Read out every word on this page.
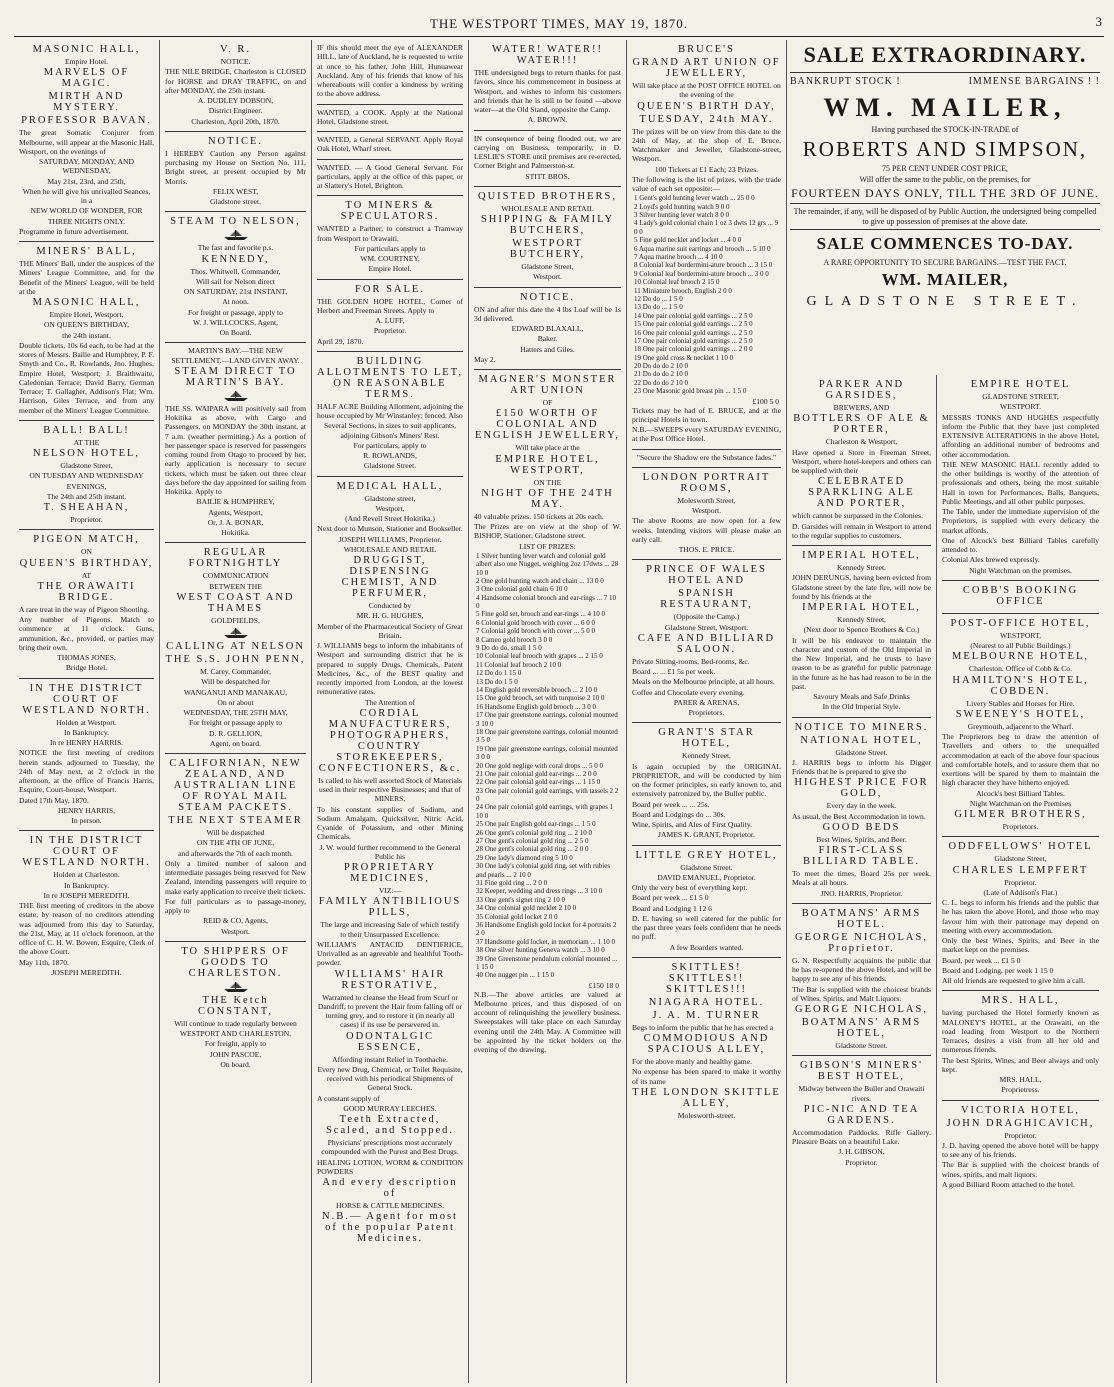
THE WESTPORT TIMES, MAY 19, 1870.	3
MASONIC HALL,

Empire Hotel.

MARVELS OF MAGIC.
MIRTH AND MYSTERY.
PROFESSOR BAVAN.

The great Somatic Conjurer from Melbourne, will appear at the Masonic Hall, Westport, on the evenings of

SATURDAY, MONDAY, AND WEDNESDAY,

May 21st, 23rd, and 25th,

When he will give his unrivalled Seances, in a

NEW WORLD OF WONDER, FOR

THREE NIGHTS ONLY.

Programme in future advertisement.

MINERS' BALL,

THE Miners' Ball, under the auspices of the Miners' League Committee, and for the Benefit of the Miners' League, will be held at the

MASONIC HALL,

Empire Hotel, Westport,

ON QUEEN'S BIRTHDAY,

the 24th instant.

Double tickets, 10s 6d each, to be had at the stores of Messrs. Bailie and Humphrey, P. F. Smyth and Co., R. Rowlands, Jno. Hughes, Empire Hotel, Westport; J. Braithwaite, Caledonian Terrace; David Barry, German Terrace; T. Gallagher, Addison's Flat; Wm. Harrison, Giles Terrace, and from any member of the Miners' League Committee.

BALL! BALL!

AT THE

NELSON HOTEL,

Gladstone Street,

ON TUESDAY AND WEDNESDAY

EVENINGS,

The 24th and 25th instant.

T. SHEAHAN,

Proprietor.

PIGEON MATCH,

ON

QUEEN'S BIRTHDAY,

AT

THE ORAWAITI BRIDGE.

A rare treat in the way of Pigeon Shooting.

Any number of Pigeons. Match to commence at 11 o'clock. Guns, ammunition, &c., provided, or parties may bring their own.

THOMAS JONES,

Bridge Hotel.

IN THE DISTRICT COURT OF WESTLAND NORTH.

Holden at Westport.

In Bankruptcy.

In re HENRY HARRIS.

NOTICE the first meeting of creditors herein stands adjourned to Tuesday, the 24th of May next, at 2 o'clock in the afternoon, at the office of Francis Harris, Esquire, Court-house, Westport.

Dated 17th May, 1870.

HENRY HARRIS,

In person.

IN THE DISTRICT COURT OF WESTLAND NORTH.

Holden at Charleston.

In Bankruptcy.

In re JOSEPH MEREDITH.

THE first meeting of creditors in the above estate, by reason of no creditors attending was adjourned from this day to Saturday, the 21st, May, at 11 o'clock forenoon, at the office of C. H. W. Bowen, Esquire, Clerk of the above Court.

May 11th, 1870.

JOSEPH MEREDITH.

V. R.

NOTICE.

THE NILE BRIDGE, Charleston is CLOSED for HORSE and DRAY TRAFFIC, on and after MONDAY, the 25th instant.

A. DUDLEY DOBSON,

District Engineer.

Charleston, April 20th, 1870.

NOTICE.

I HEREBY Caution any Person against purchasing my House on Section No. 111, Bright street, at present occupied by Mr Morris.

FELIX WEST,

Gladstone street.

STEAM TO NELSON,

The fast and favorite p.s.

KENNEDY,

Thos. Whitwell, Commander,

Will sail for Nelson direct

ON SATURDAY, 21st INSTANT,

At noon.

For freight or passage, apply to

W. J. WILLCOCKS, Agent,

On Board.

MARTIN'S BAY.—THE NEW SETTLEMENT.—LAND GIVEN AWAY.

STEAM DIRECT TO MARTIN'S BAY.

THE SS. WAIPARA will positively sail from Hokitika as above, with Cargo and Passengers, on MONDAY the 30th instant, at 7 a.m. (weather permitting.) As a portion of her passenger space is reserved for passengers coming round from Otago to proceed by her, early application is necessary to secure tickets, which must be taken out three clear days before the day appointed for sailing from Hokitika. Apply to

BAILIE & HUMPHREY,

Agents, Westport,

Or, J. A. BONAR,

Hokitika.

REGULAR FORTNIGHTLY

COMMUNICATION

BETWEEN THE

WEST COAST AND THAMES

GOLDFIELDS,

CALLING AT NELSON
THE S.S. JOHN PENN,

M. Carey, Commander,

Will be despatched for

WANGANUI AND MANAKAU,

On or about

WEDNESDAY, THE 25TH MAY,

For freight or passage apply to

D. R. GELLION,

Agent, on board.

CALIFORNIAN, NEW ZEALAND, AND AUSTRALIAN LINE OF ROYAL MAIL STEAM PACKETS.
THE NEXT STEAMER

Will be despatched

ON THE 4TH OF JUNE,

and afterwards the 7th of each month.

Only a limited number of saloon and intermediate passages being reserved for New Zealand, intending passengers will require to make early application to receive their tickets.

For full particulars as to passage-money, apply to

REID & CO, Agents,

Westport.

TO SHIPPERS OF GOODS TO CHARLESTON.
THE Ketch CONSTANT,

Will continue to trade regularly between

WESTPORT AND CHARLESTON.

For freight, apply to

JOHN PASCOE,

On board.

IF this should meet the eye of ALEXANDER HILL, late of Auckland, he is requested to write at once to his father, John Hill, Hunuawear Auckland. Any of his friends that know of his whereabouts will confer a kindness by writing to the above address.

WANTED, a COOK. Apply at the National Hotel, Gladstone street.

WANTED, a General SERVANT. Apply Royal Oak Hotel, Wharf street.

WANTED. — A Good General Servant. For particulars, apply at the office of this paper, or at Slattery's Hotel, Brighton.

TO MINERS & SPECULATORS.

WANTED a Partner, to construct a Tramway from Westport to Orawaiti.

For particulars apply to

WM. COURTNEY,

Empire Hotel.

FOR SALE.

THE GOLDEN HOPE HOTEL, Corner of Herbert and Freeman Streets. Apply to

A. LUFF,

Proprietor.

April 29, 1870.

BUILDING ALLOTMENTS TO LET, ON REASONABLE TERMS.

HALF ACRE Building Allotment, adjoining the house occupied by Mr Winstanley; fenced. Also

Several Sections, in sizes to suit applicants, adjoining Gibson's Miners' Rest.

For particulars, apply to

R. ROWLANDS,

Gladstone Street.

MEDICAL HALL,

Gladstone street,

Westport,

(And Revell Street Hokitika.)

Next door to Munson, Stationer and Bookseller.

JOSEPH WILLIAMS, Proprietor.

WHOLESALE AND RETAIL

DRUGGIST, DISPENSING CHEMIST, AND PERFUMER,

Conducted by

MR. H. G. HUGHES,

Member of the Pharmaceutical Society of Great Britain.

J. WILLIAMS begs to inform the inhabitants of Westport and surrounding district that he is prepared to supply Drugs, Chemicals, Patent Medicines, &c., of the BEST quality and recently imported from London, at the lowest remunerative rates.

The Attention of

CORDIAL MANUFACTURERS, PHOTOGRAPHERS, COUNTRY STOREKEEPERS, CONFECTIONERS, &c.

Is called to his well assorted Stock of Materials used in their respective Businesses; and that of MINERS,

To his constant supplies of Sodium, and Sodium Amalgam, Quicksilver, Nitric Acid, Cyanide of Potassium, and other Mining Chemicals.

J. W. would further recommend to the General Public his

PROPRIETARY MEDICINES,

VIZ:—

FAMILY ANTIBILIOUS PILLS,

The large and increasing Sale of which testify to their Unsurpassed Excellence.

WILLIAM'S ANTACID DENTIFRICE, Unrivalled as an agreeable and healthful Tooth-powder.

WILLIAMS' HAIR RESTORATIVE,

Warranted to cleanse the Head from Scurf or Dandriff, to prevent the Hair from falling off or turning grey, and to restore it (in nearly all cases) if its use be persevered in.

ODONTALGIC ESSENCE,

Affording instant Relief in Toothache.

Every new Drug, Chemical, or Toilet Requisite, received with his periodical Shipments of General Stock.

A constant supply of

GOOD MURRAY LEECHES.

Teeth Extracted, Scaled, and Stopped.

Physicians' prescriptions most accurately compounded with the Purest and Best Drugs.

HEALING LOTION, WORM & CONDITION POWDERS

And every description of

HORSE & CATTLE MEDICINES.

N.B.— Agent for most of the popular Patent Medicines.
WATER! WATER!! WATER!!!

THE undersigned begs to return thanks for past favors, since his commencement in business at Westport, and wishes to inform his customers and friends that he is still to be found —above water—at the Old Stand, opposite the Camp.

A. BROWN.

IN consequence of being flooded out, we are carrying on Business, temporarily, in D. LESLIE'S STORE until premises are re-erected, Corner Bright and Palmerston-st.

STITT BROS.

QUISTED BROTHERS,

WHOLESALE AND RETAIL

SHIPPING & FAMILY BUTCHERS,
WESTPORT BUTCHERY,

Gladstone Street,

Westport.

NOTICE.

ON and after this date the 4 lbs Loaf will be 1s 3d delivered.

EDWARD BLAXALL,

Baker.

Hatters and Giles.

May 2.

MAGNER'S MONSTER ART UNION

OF

£150 WORTH OF COLONIAL AND ENGLISH JEWELLERY,

Will take place at the

EMPIRE HOTEL, WESTPORT,

ON THE

NIGHT OF THE 24TH MAY.

40 valuable prizes. 150 tickets at 20s each.

The Prizes are on view at the shop of W. BISHOP, Stationer, Gladstone street.

LIST OF PRIZES:

1 Silver hunting lever watch and colonial gold albert also one Nugget, weighing 2oz 17dwts ... 28 10 0
2 One gold hunting watch and chain ... 13 0 0
3 One colonial gold chain 6 10 0
4 Handsome colonial brooch and ear-rings ... 7 10 0
5 Fine gold set, brooch and ear-rings ... 4 10 0
6 Colonial gold brooch with cover ... 6 0 0
7 Colonial gold brooch with cover ... 5 0 0
8 Cameo gold brooch 3 0 0
9 Do do do, small 1 5 0
10 Colonial leaf brooch with grapes ... 2 15 0
11 Colonial leaf brooch 2 10 0
12 Do do 1 15 0
13 Do do 1 5 0
14 English gold reversible brooch ... 2 10 0
15 One gold brooch, set with turquoise 2 10 0
16 Handsome English gold brooch ... 3 0 0
17 One pair greenstone earrings, colonial mounted 3 10 0
18 One pair greenstone earrings, colonial mounted 3 5 0
19 One pair greenstone earrings, colonial mounted 3 0 0
20 One gold neglige with coral drops ... 5 0 0
21 One pair colonial gold ear-rings ... 2 0 0
22 One pair colonial gold ear-rings ... 1 15 0
23 One pair colonial gold earrings, with tassels 2 2 0
24 One pair colonial gold earrings, with grapes 1 10 0
25 One pair English gold ear-rings ... 1 5 0
26 One gent's colonial gold ring ... 2 10 0
27 One gent's colonial gold ring ... 2 5 0
28 One gent's colonial gold ring ... 2 0 0
29 One lady's diamond ring 5 10 0
30 One lady's colonial gold ring, set with rubies and pearls ... 2 10 0
31 Fine gold ring ... 2 0 0
32 Keeper, wedding and dress rings ... 3 10 0
33 One gent's signet ring 2 10 0
34 One colonial gold necklet 2 10 0
35 Colonial gold locket 2 0 0
36 Handsome English gold locket for 4 portraits 2 2 0
37 Handsome gold locket, in memoriam ... 1 10 0
38 One silver hunting Geneva watch ... 3 10 0
39 One Greenstone pendulum colonial mounted ... 1 15 0
40 One nugget pin ... 1 15 0

£150 18 0

N.B.—The above articles are valued at Melbourne prices, and thus disposed of on account of relinquishing the jewellery business. Sweepstakes will take place on each Saturday evening until the 24th May. A Committee will be appointed by the ticket holders on the evening of the drawing.

BRUCE'S
GRAND ART UNION OF JEWELLERY,

Will take place at the POST OFFICE HOTEL on the evening of the

QUEEN'S BIRTH DAY,
TUESDAY, 24th MAY.

The prizes will be on view from this date to the 24th of May, at the shop of E. Bruce, Watchmaker and Jeweller, Gladstone-street, Westport.

100 Tickets at £1 Each; 23 Prizes.

The following is the list of prizes, with the trade value of each set opposite:—

1 Gent's gold hunting lever watch ... 25 0 0
2 Loyd's gold hunting watch 9 0 0
3 Silver hunting lever watch 8 0 0
4 Lady's gold colonial chain 1 oz 3 dwts 12 grs ... 9 0 0
5 Fine gold necklet and locket ... 4 0 0
6 Aqua marine suit earrings and brooch ... 5 10 0
7 Aqua marine brooch ... 4 10 0
8 Colonial leaf bordermini-ature brooch ... 3 15 0
9 Colonial leaf bordermini-ature brooch ... 3 0 0
10 Colonial leaf brooch 2 15 0
11 Miniature brooch, English 2 0 0
12 Do do ... 1 5 0
13 Do do ... 1 5 0
14 One pair colonial gold earrings ... 2 5 0
15 One pair colonial gold earrings ... 2 5 0
16 One pair colonial gold earrings ... 2 5 0
17 One pair colonial gold earrings ... 2 5 0
18 One pair colonial gold earrings ... 2 0 0
19 One gold cross & necklet 1 10 0
20 Do do do 2 10 0
21 Do do do 2 10 0
22 Do do do 2 10 0
23 One Masonic gold breast pin ... 1 5 0

£100 5 0

Tickets may be had of E. BRUCE, and at the principal Hotels in town.

N.B.—SWEEPS every SATURDAY EVENING, at the Post Office Hotel.

"Secure the Shadow ere the Substance fades."

LONDON PORTRAIT ROOMS,

Molesworth Street,

Westport.

The above Rooms are now open for a few weeks. Intending visitors will please make an early call.

THOS. E. PRICE.

PRINCE OF WALES HOTEL AND
SPANISH RESTAURANT,

(Opposite the Camp.)

Gladstone Street, Westport.

CAFE AND BILLIARD SALOON.

Private Sitting-rooms, Bed-rooms, &c.

Board ... ... £1 5s per week.

Meals on the Melbourne principle, at all hours.

Coffee and Chocolate every evening.

PARER & ARENAS,

Proprietors.

GRANT'S STAR HOTEL,

Kennedy Street,

Is again occupied by the ORIGINAL PROPRIETOR, and will be conducted by him on the former principles, so early known to, and extensively patronized by, the Buller public.

Board per week ... ... 25s.

Board and Lodgings do ... 30s.

Wine, Spirits, and Ales of First Quality.

JAMES K. GRANT, Proprietor.

LITTLE GREY HOTEL,

Gladstone Street.

DAVID EMANUEL, Proprietor.

Only the very best of everything kept.

Board per week ... £1 5 0

Board and Lodging 1 12 6

D. E. having so well catered for the public for the past three years feels confident that he needs no puff.

A few Boarders wanted.

SKITTLES! SKITTLES!! SKITTLES!!!
NIAGARA HOTEL.
J. A. M. TURNER

Begs to inform the public that he has erected a

COMMODIOUS AND SPACIOUS ALLEY,

For the above manly and healthy game.

No expense has been spared to make it worthy of its name

THE LONDON SKITTLE ALLEY,

Molesworth-street.

PARKER AND GARSIDES,

BREWERS, AND

BOTTLERS OF ALE & PORTER,

Charleston & Westport,

Have opened a Store in Freeman Street, Westport, where hotel-keepers and others can be supplied with their

CELEBRATED SPARKLING ALE AND PORTER,

which cannot be surpassed in the Colonies.

D. Garsides will remain in Westport to attend to the regular supplies to customers.

IMPERIAL HOTEL,

Kennedy Street.

JOHN DERUNGS, having been evicted from Gladstone street by the late fire, will now be found by his friends at the

IMPERIAL HOTEL,

Kennedy Street,

(Next door to Spence Brothers & Co.)

It will be his endeavor to maintain the character and custom of the Old Imperial in the New Imperial, and he trusts to have reason to be as grateful for public patronage in the future as he has had reason to be in the past.

Savoury Meals and Safe Drinks

In the Old Imperial Style.

NOTICE TO MINERS.
NATIONAL HOTEL,

Gladstone Street.

J. HARRIS begs to inform his Digger Friends that he is prepared to give the

HIGHEST PRICE FOR GOLD,

Every day in the week.

As usual, the Best Accommodation in town.

GOOD BEDS

Best Wines, Spirits, and Beer.

FIRST-CLASS BILLIARD TABLE.

To meet the times, Board 25s per week. Meals at all hours.

JNO. HARRIS, Proprietor.

BOATMANS' ARMS HOTEL.
GEORGE NICHOLAS, Proprietor.

G. N. Respectfully acquaints the public that he has re-opened the above Hotel, and will be happy to see any of his friends.

The Bar is supplied with the choicest brands of Wines, Spirits, and Malt Liquors.

GEORGE NICHOLAS,
BOATMANS' ARMS HOTEL,

Gladstone Street.

GIBSON'S MINERS' BEST HOTEL,

Midway between the Buller and Orawaiti rivers.

PIC-NIC AND TEA GARDENS.

Accommodation Paddocks. Rifle Gallery. Pleasure Boats on a beautiful Lake.

J. H. GIBSON,

Proprietor.

EMPIRE HOTEL

GLADSTONE STREET,

WESTPORT.

MESSRS TONKS AND HUGHES respectfully inform the Public that they have just completed EXTENSIVE ALTERATIONS in the above Hotel, affording an additional number of bedrooms and other accommodation.

THE NEW MASONIC HALL recently added to the other buildings is worthy of the attention of professionals and others, being the most suitable Hall in town for Performances, Balls, Banquets, Public Meetings, and all other public purposes.

The Table, under the immediate supervision of the Proprietors, is supplied with every delicacy the market affords.

One of Alcock's best Billiard Tables carefully attended to.

Colonial Ales brewed expressly.

Night Watchman on the premises.

COBB'S BOOKING OFFICE
POST-OFFICE HOTEL,

WESTPORT,

(Nearest to all Public Buildings.)

MELBOURNE HOTEL,

Charleston. Office of Cobb & Co.

HAMILTON'S HOTEL, COBDEN.

Livery Stables and Horses for Hire.

SWEENEY'S HOTEL,

Greymouth, adjacent to the Wharf.

The Proprietors beg to draw the attention of Travellers and others to the unequalled accommodation at each of the above four spacious and comfortable hotels, and to assure them that no exertions will be spared by them to maintain the high character they have hitherto enjoyed.

Alcock's best Billiard Tables.

Night Watchman on the Premises

GILMER BROTHERS,

Proprietors.

ODDFELLOWS' HOTEL

Gladstone Street,

CHARLES LEMPFERT

Proprietor.

(Late of Addison's Flat.)

C. L. begs to inform his friends and the public that he has taken the above Hotel, and those who may favour him with their patronage may depend on meeting with every accommodation.

Only the best Wines, Spirits, and Beer in the market kept on the premises.

Board, per week ... £1 5 0

Board and Lodging, per week 1 15 0

All old friends are requested to give him a call.

MRS. HALL,

having purchased the Hotel formerly known as MALONEY'S HOTEL, at the Orawaiti, on the road leading from Westport to the Northern Terraces, desires a visit from all her old and numerous friends.

The best Spirits, Wines, and Beer always and only kept.

MRS. HALL,

Proprietress.

VICTORIA HOTEL,
JOHN DRAGHICAVICH,

Proprietor.

J. D. having opened the above hotel will be happy to see any of his friends.

The Bar is supplied with the choicest brands of wines, spirits, and malt liquors.

A good Billiard Room attached to the hotel.

SALE EXTRAORDINARY.
BANKRUPT STOCK !	IMMENSE BARGAINS ! !
WM. MAILER,

Having purchased the STOCK-IN-TRADE of

ROBERTS AND SIMPSON,

75 PER CENT UNDER COST PRICE,

Will offer the same to the public, on the premises, for

FOURTEEN DAYS ONLY, TILL THE 3RD OF JUNE.

The remainder, if any, will be disposed of by Public Auction, the undersigned being compelled to give up possession of premises at the above date.

SALE COMMENCES TO-DAY.

A RARE OPPORTUNITY TO SECURE BARGAINS.—TEST THE FACT.

WM. MAILER,
GLADSTONE STREET.
